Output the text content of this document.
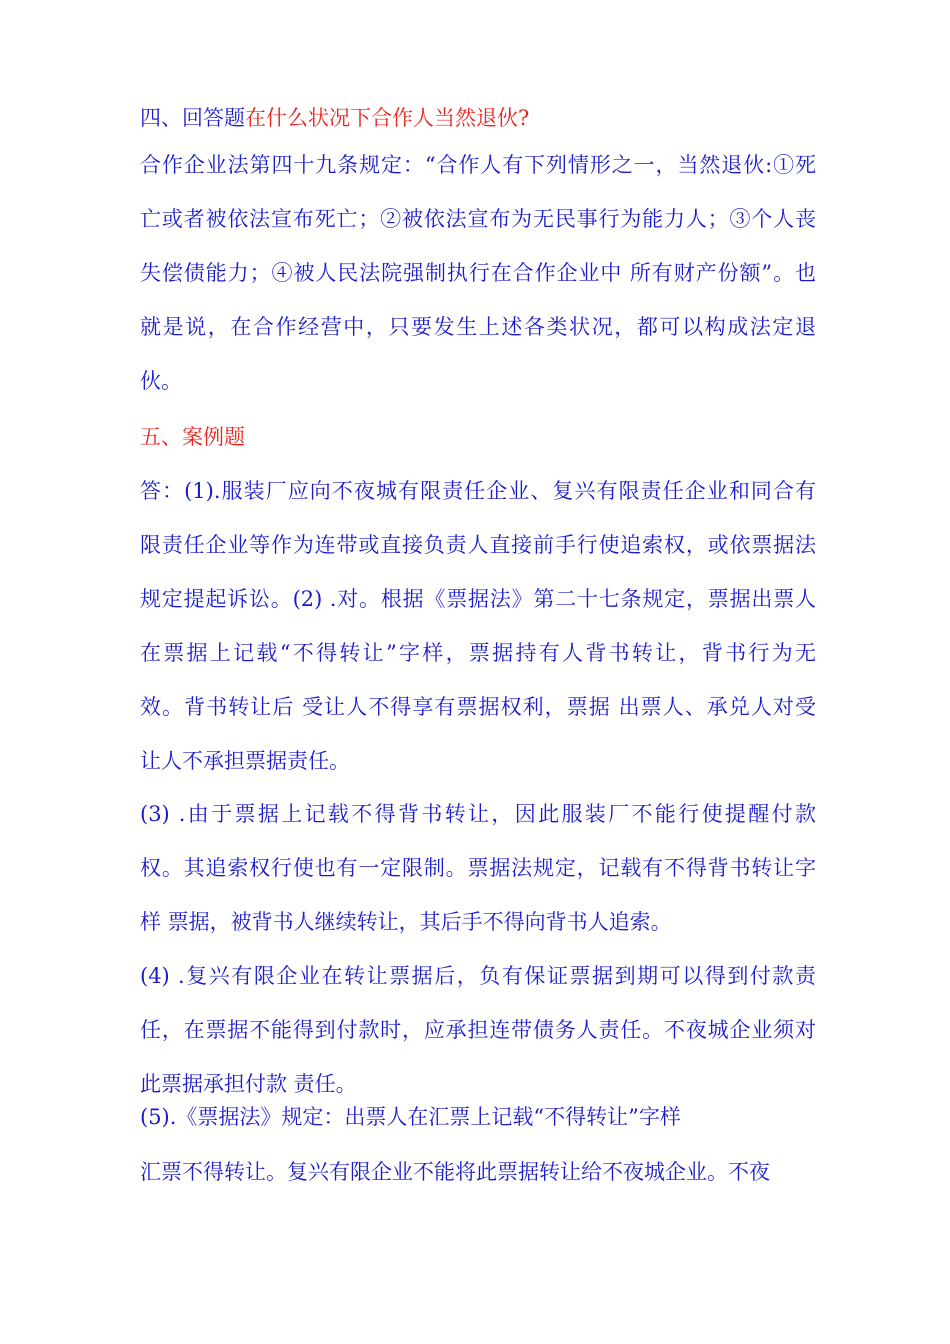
四、回答题在什么状况下合作人当然退伙?
合作企业法第四十九条规定：“合作人有下列情形之一，当然退伙:①死
亡或者被依法宣布死亡；②被依法宣布为无民事行为能力人；③个人丧
失偿债能力；④被人民法院强制执行在合作企业中 所有财产份额”。也
就是说，在合作经营中，只要发生上述各类状况，都可以构成法定退
伙。
五、案例题
答：(1).服装厂应向不夜城有限责任企业、复兴有限责任企业和同合有
限责任企业等作为连带或直接负责人直接前手行使追索权，或依票据法
规定提起诉讼。(2) .对。根据《票据法》第二十七条规定，票据出票人
在票据上记载“不得转让”字样，票据持有人背书转让，背书行为无
效。背书转让后 受让人不得享有票据权利，票据 出票人、承兑人对受
让人不承担票据责任。
(3) .由于票据上记载不得背书转让，因此服装厂不能行使提醒付款
权。其追索权行使也有一定限制。票据法规定，记载有不得背书转让字
样 票据，被背书人继续转让，其后手不得向背书人追索。
(4) .复兴有限企业在转让票据后，负有保证票据到期可以得到付款责
任，在票据不能得到付款时，应承担连带债务人责任。不夜城企业须对
此票据承担付款 责任。
(5).《票据法》规定：出票人在汇票上记载“不得转让”字样
汇票不得转让。复兴有限企业不能将此票据转让给不夜城企业。不夜
